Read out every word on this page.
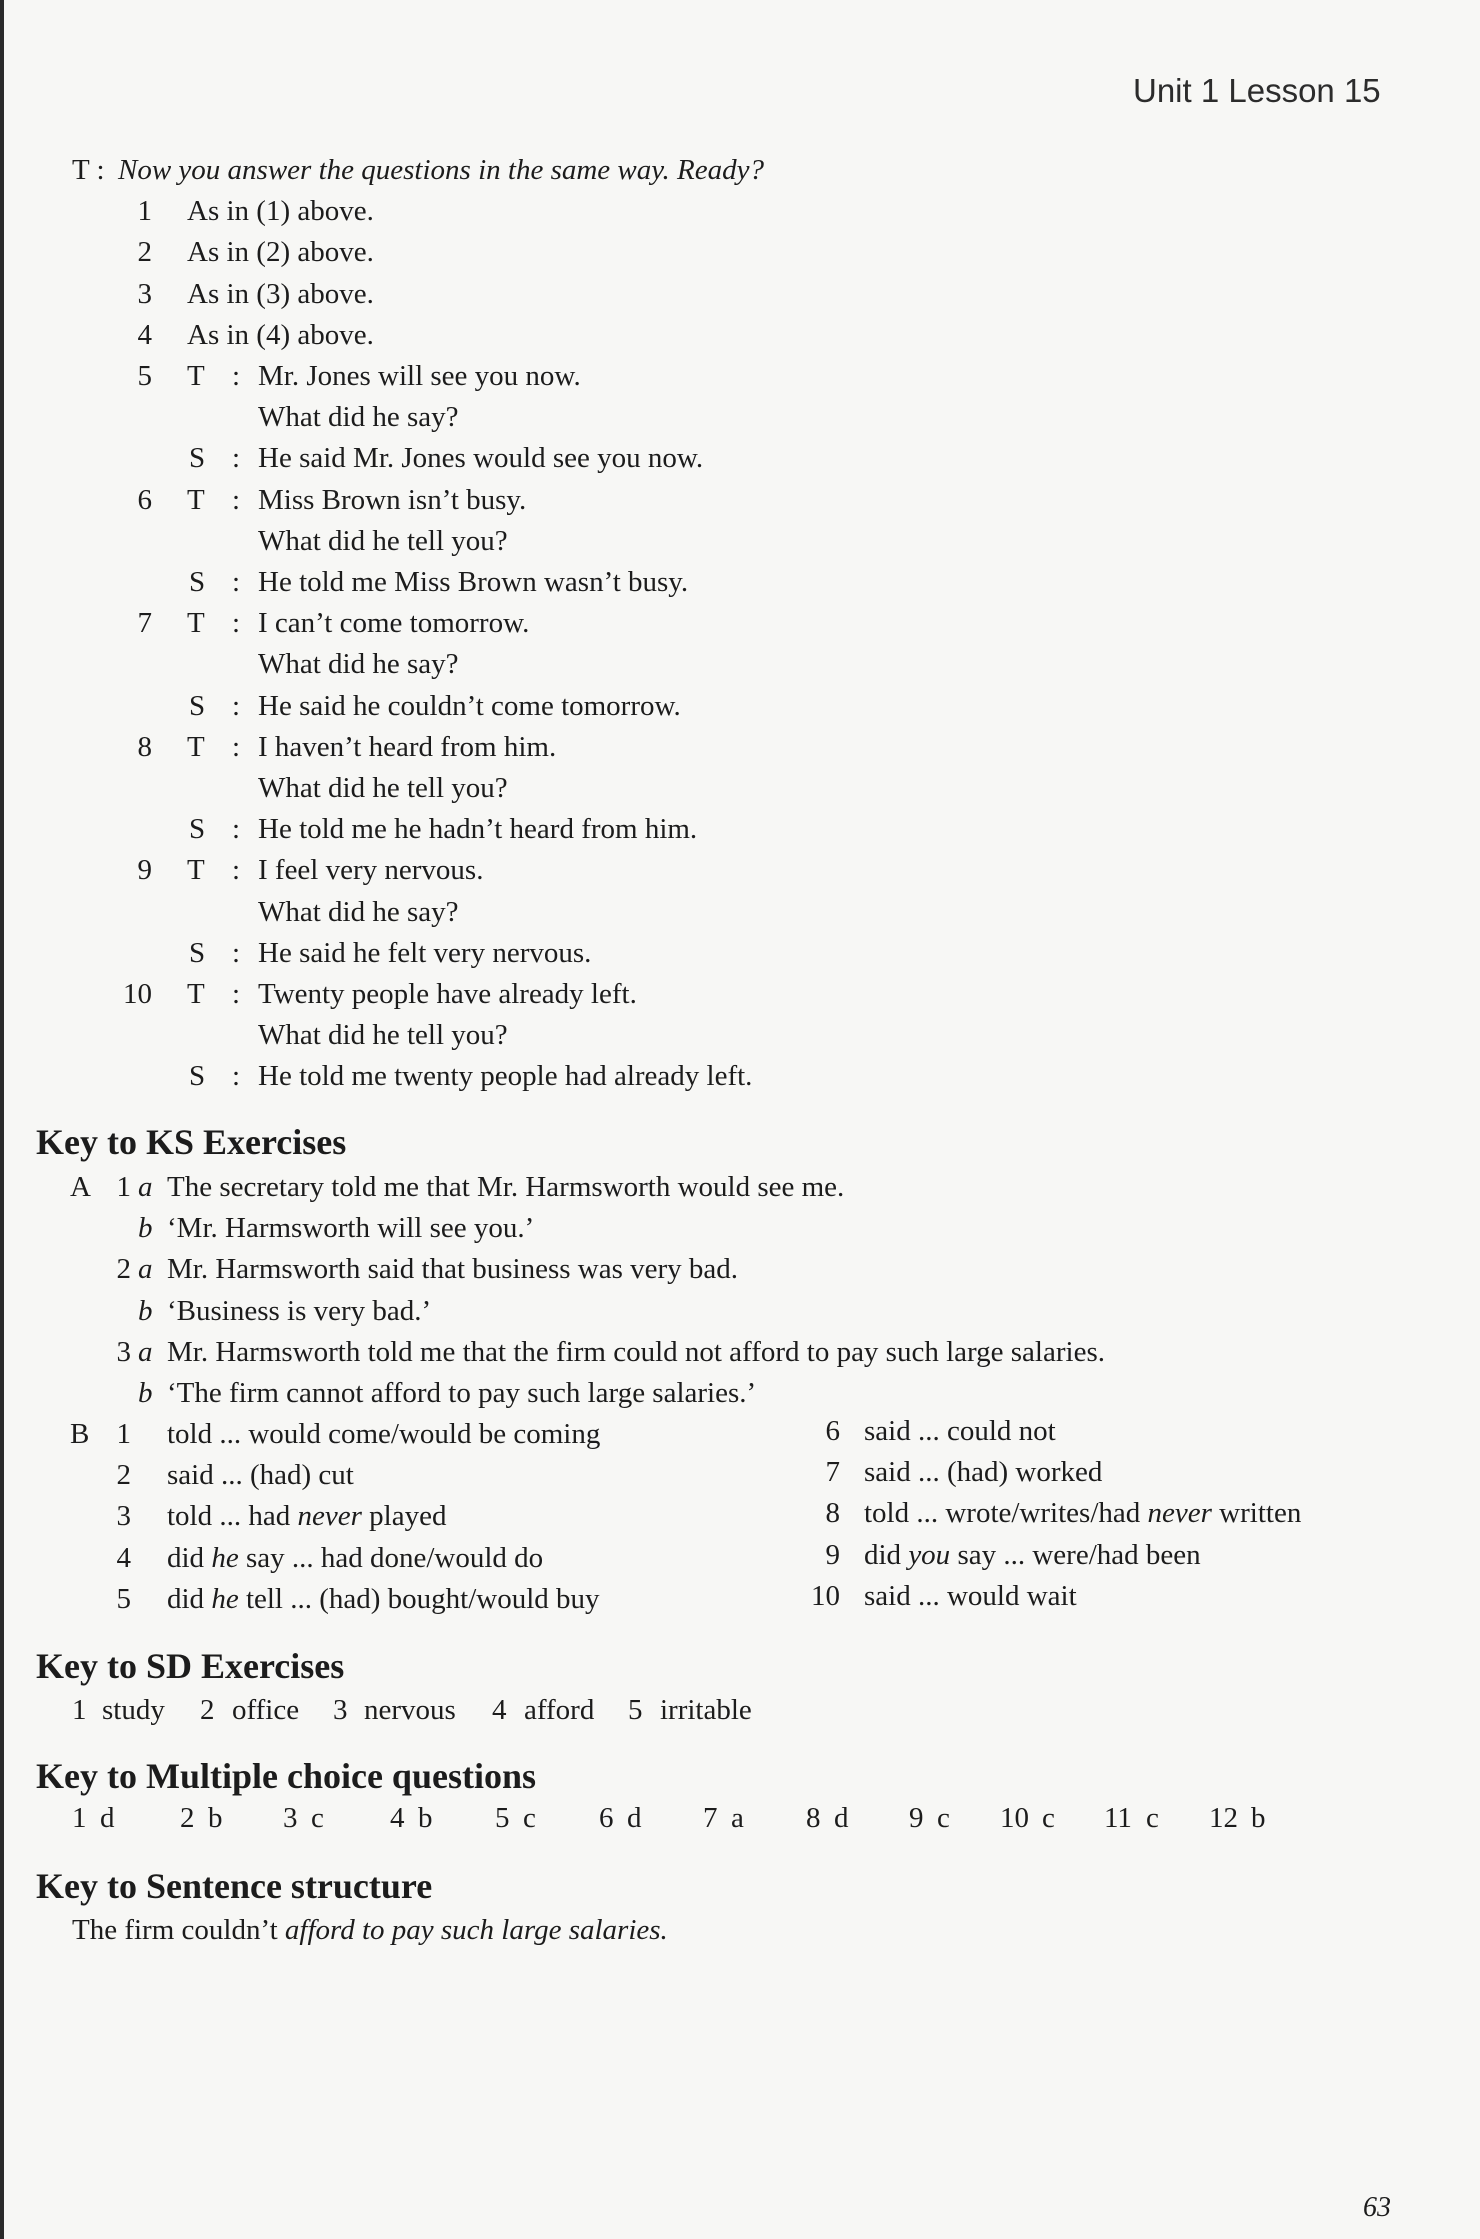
Unit 1 Lesson 15
T : Now you answer the questions in the same way. Ready?
1 As in (1) above.
2 As in (2) above.
3 As in (3) above.
4 As in (4) above.
5 T : Mr. Jones will see you now.
What did he say?
S : He said Mr. Jones would see you now.
6 T : Miss Brown isn’t busy.
What did he tell you?
S : He told me Miss Brown wasn’t busy.
7 T : I can’t come tomorrow.
What did he say?
S : He said he couldn’t come tomorrow.
8 T : I haven’t heard from him.
What did he tell you?
S : He told me he hadn’t heard from him.
9 T : I feel very nervous.
What did he say?
S : He said he felt very nervous.
10 T : Twenty people have already left.
What did he tell you?
S : He told me twenty people had already left.
Key to KS Exercises
A 1 a The secretary told me that Mr. Harmsworth would see me.
b ‘Mr. Harmsworth will see you.’
2 a Mr. Harmsworth said that business was very bad.
b ‘Business is very bad.’
3 a Mr. Harmsworth told me that the firm could not afford to pay such large salaries.
b ‘The firm cannot afford to pay such large salaries.’
B 1 told ... would come/would be coming
2 said ... (had) cut
3 told ... had never played
4 did he say ... had done/would do
5 did he tell ... (had) bought/would buy
6 said ... could not
7 said ... (had) worked
8 told ... wrote/writes/had never written
9 did you say ... were/had been
10 said ... would wait
Key to SD Exercises
1 study 2 office 3 nervous 4 afford 5 irritable
Key to Multiple choice questions
1 d 2 b 3 c 4 b 5 c 6 d 7 a 8 d 9 c 10 c 11 c 12 b
Key to Sentence structure
The firm couldn’t afford to pay such large salaries.
63
